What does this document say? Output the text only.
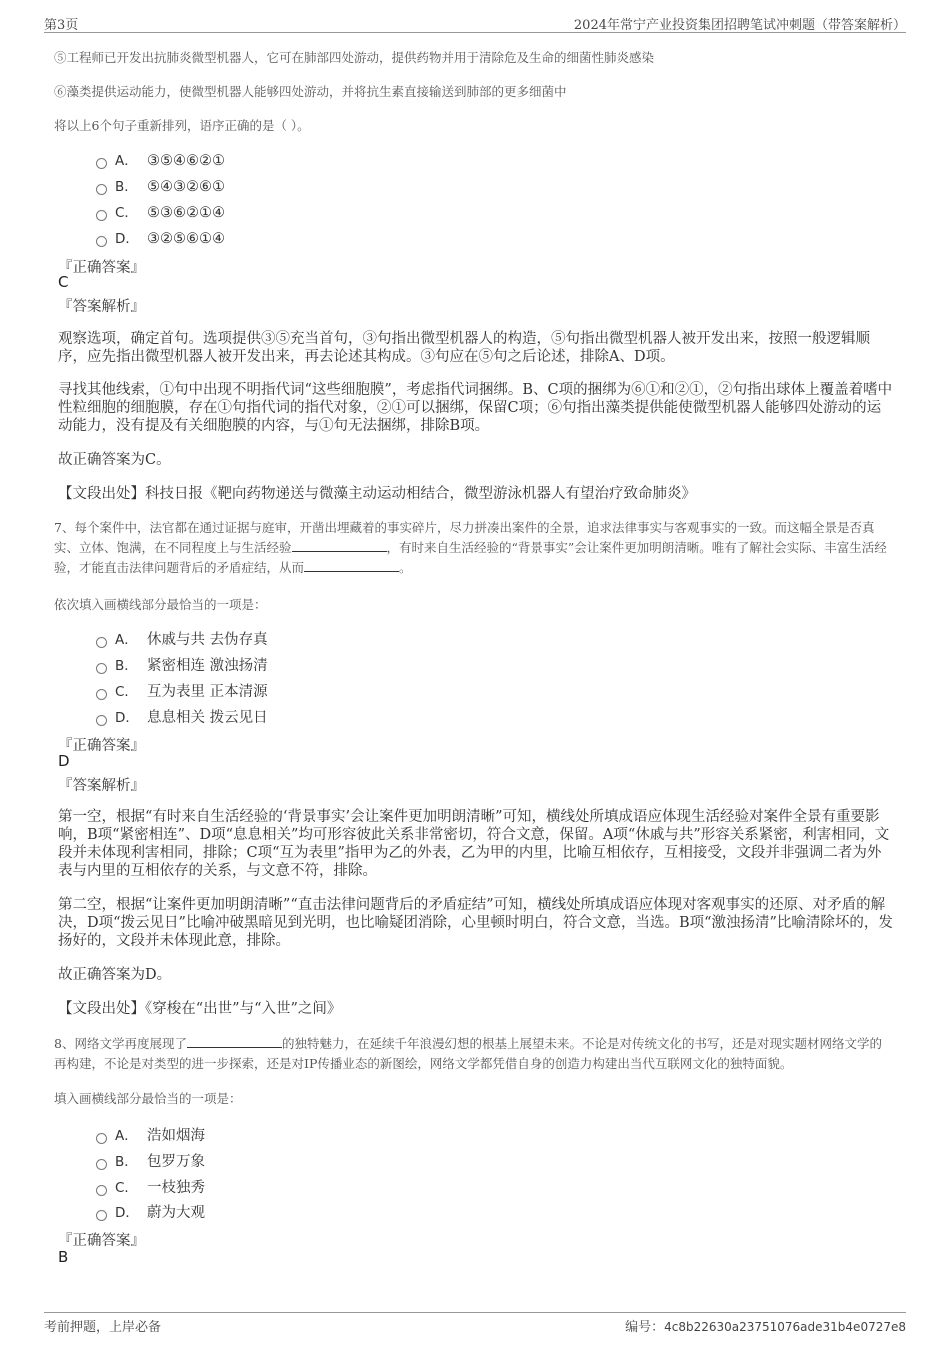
第3页	2024年常宁产业投资集团招聘笔试冲刺题（带答案解析）
⑤工程师已开发出抗肺炎微型机器人，它可在肺部四处游动，提供药物并用于清除危及生命的细菌性肺炎感染
⑥藻类提供运动能力，使微型机器人能够四处游动，并将抗生素直接输送到肺部的更多细菌中
将以上6个句子重新排列，语序正确的是（ ）。
A． ③⑤④⑥②①
B． ⑤④③②⑥①
C． ⑤③⑥②①④
D． ③②⑤⑥①④
『正确答案』
C
『答案解析』
观察选项，确定首句。选项提供③⑤充当首句，③句指出微型机器人的构造，⑤句指出微型机器人被开发出来，按照一般逻辑顺序，应先指出微型机器人被开发出来，再去论述其构成。③句应在⑤句之后论述，排除A、D项。
寻找其他线索，①句中出现不明指代词“这些细胞膜”，考虑指代词捆绑。B、C项的捆绑为⑥①和②①，②句指出球体上覆盖着嗜中性粒细胞的细胞膜，存在①句指代词的指代对象，②①可以捆绑，保留C项；⑥句指出藻类提供能使微型机器人能够四处游动的运动能力，没有提及有关细胞膜的内容，与①句无法捆绑，排除B项。
故正确答案为C。
【文段出处】科技日报《靶向药物递送与微藻主动运动相结合，微型游泳机器人有望治疗致命肺炎》
7、每个案件中，法官都在通过证据与庭审，开凿出埋藏着的事实碎片，尽力拼凑出案件的全景，追求法律事实与客观事实的一致。而这幅全景是否真实、立体、饱满，在不同程度上与生活经验	，有时来自生活经验的“背景事实”会让案件更加明朗清晰。唯有了解社会实际、丰富生活经验，才能直击法律问题背后的矛盾症结，从而	。
依次填入画横线部分最恰当的一项是：
A． 休戚与共 去伪存真
B． 紧密相连 激浊扬清
C． 互为表里 正本清源
D． 息息相关 拨云见日
『正确答案』
D
『答案解析』
第一空，根据“有时来自生活经验的‘背景事实’会让案件更加明朗清晰”可知，横线处所填成语应体现生活经验对案件全景有重要影响，B项“紧密相连”、D项“息息相关”均可形容彼此关系非常密切，符合文意，保留。A项“休戚与共”形容关系紧密，利害相同，文段并未体现利害相同，排除；C项“互为表里”指甲为乙的外表，乙为甲的内里，比喻互相依存，互相接受，文段并非强调二者为外表与内里的互相依存的关系，与文意不符，排除。
第二空，根据“让案件更加明朗清晰”“直击法律问题背后的矛盾症结”可知，横线处所填成语应体现对客观事实的还原、对矛盾的解决，D项“拨云见日”比喻冲破黑暗见到光明，也比喻疑团消除，心里顿时明白，符合文意，当选。B项“激浊扬清”比喻清除坏的，发扬好的，文段并未体现此意，排除。
故正确答案为D。
【文段出处】《穿梭在“出世”与“入世”之间》
8、网络文学再度展现了	的独特魅力，在延续千年浪漫幻想的根基上展望未来。不论是对传统文化的书写，还是对现实题材网络文学的再构建，不论是对类型的进一步探索，还是对IP传播业态的新图绘，网络文学都凭借自身的创造力构建出当代互联网文化的独特面貌。
填入画横线部分最恰当的一项是：
A． 浩如烟海
B． 包罗万象
C． 一枝独秀
D． 蔚为大观
『正确答案』
B
考前押题，上岸必备	编号：4c8b22630a23751076ade31b4e0727e8
